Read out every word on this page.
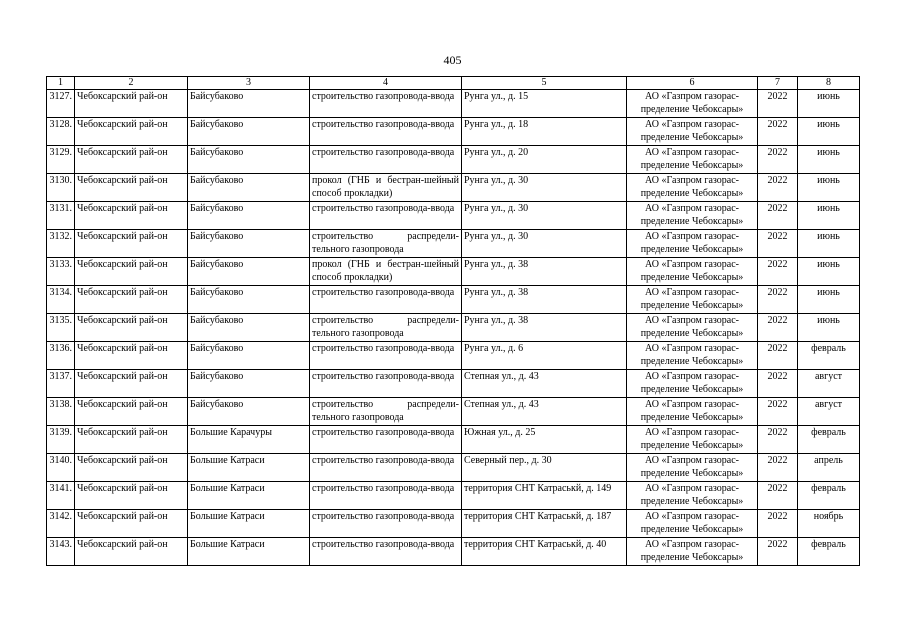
405
1	2	3	4	5	6	7	8
3127.	Чебоксарский рай-он	Байсубаково	строительство газопровода-ввода	Рунга ул., д. 15	АО «Газпром газорас-пределение Чебоксары»	2022	июнь
3128.	Чебоксарский рай-он	Байсубаково	строительство газопровода-ввода	Рунга ул., д. 18	АО «Газпром газорас-пределение Чебоксары»	2022	июнь
3129.	Чебоксарский рай-он	Байсубаково	строительство газопровода-ввода	Рунга ул., д. 20	АО «Газпром газорас-пределение Чебоксары»	2022	июнь
3130.	Чебоксарский рай-он	Байсубаково	прокол (ГНБ и бестран-шейный способ прокладки)	Рунга ул., д. 30	АО «Газпром газорас-пределение Чебоксары»	2022	июнь
3131.	Чебоксарский рай-он	Байсубаково	строительство газопровода-ввода	Рунга ул., д. 30	АО «Газпром газорас-пределение Чебоксары»	2022	июнь
3132.	Чебоксарский рай-он	Байсубаково	строительство распредели-тельного газопровода	Рунга ул., д. 30	АО «Газпром газорас-пределение Чебоксары»	2022	июнь
3133.	Чебоксарский рай-он	Байсубаково	прокол (ГНБ и бестран-шейный способ прокладки)	Рунга ул., д. 38	АО «Газпром газорас-пределение Чебоксары»	2022	июнь
3134.	Чебоксарский рай-он	Байсубаково	строительство газопровода-ввода	Рунга ул., д. 38	АО «Газпром газорас-пределение Чебоксары»	2022	июнь
3135.	Чебоксарский рай-он	Байсубаково	строительство распредели-тельного газопровода	Рунга ул., д. 38	АО «Газпром газорас-пределение Чебоксары»	2022	июнь
3136.	Чебоксарский рай-он	Байсубаково	строительство газопровода-ввода	Рунга ул., д. 6	АО «Газпром газорас-пределение Чебоксары»	2022	февраль
3137.	Чебоксарский рай-он	Байсубаково	строительство газопровода-ввода	Степная ул., д. 43	АО «Газпром газорас-пределение Чебоксары»	2022	август
3138.	Чебоксарский рай-он	Байсубаково	строительство распредели-тельного газопровода	Степная ул., д. 43	АО «Газпром газорас-пределение Чебоксары»	2022	август
3139.	Чебоксарский рай-он	Большие Карачуры	строительство газопровода-ввода	Южная ул., д. 25	АО «Газпром газорас-пределение Чебоксары»	2022	февраль
3140.	Чебоксарский рай-он	Большие Катраси	строительство газопровода-ввода	Северный пер., д. 30	АО «Газпром газорас-пределение Чебоксары»	2022	апрель
3141.	Чебоксарский рай-он	Большие Катраси	строительство газопровода-ввода	территория СНТ Катраськй, д. 149	АО «Газпром газорас-пределение Чебоксары»	2022	февраль
3142.	Чебоксарский рай-он	Большие Катраси	строительство газопровода-ввода	территория СНТ Катраськй, д. 187	АО «Газпром газорас-пределение Чебоксары»	2022	ноябрь
3143.	Чебоксарский рай-он	Большие Катраси	строительство газопровода-ввода	территория СНТ Катраськй, д. 40	АО «Газпром газорас-пределение Чебоксары»	2022	февраль
